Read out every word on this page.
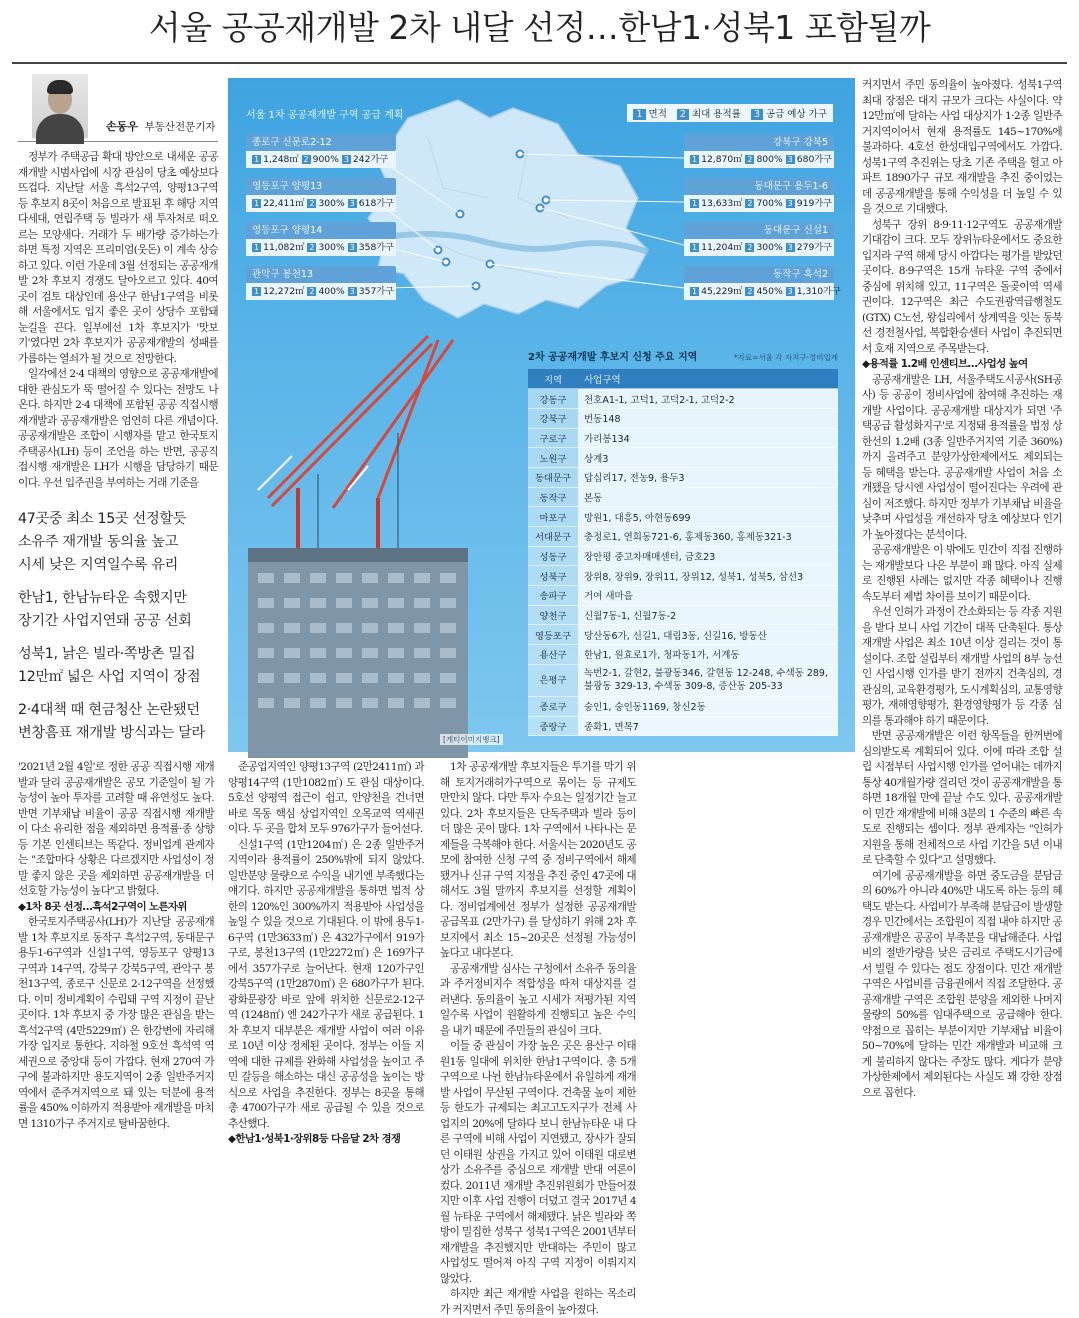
서울 공공재개발 2차 내달 선정…한남1·성북1 포함될까
손동우 부동산전문기자

정부가 주택공급 확대 방안으로 내세운 공공재개발 시범사업에 시장 관심이 당초 예상보다 뜨겁다. 지난달 서울 흑석2구역, 양평13구역 등 후보지 8곳이 처음으로 발표된 후 해당 지역 다세대, 연립주택 등 빌라가 새 투자처로 떠오르는 모양새다. 거래가 두 배가량 증가하는가 하면 특정 지역은 프리미엄(웃돈) 이 계속 상승하고 있다. 이런 가운데 3월 선정되는 공공재개발 2차 후보지 경쟁도 달아오르고 있다. 40여 곳이 검토 대상인데 용산구 한남1구역을 비롯해 서울에서도 입지 좋은 곳이 상당수 포함돼 눈길을 끈다. 일부에선 1차 후보지가 '맛보기'였다면 2차 후보지가 공공재개발의 성패를 가름하는 열쇠가 될 것으로 전망한다.

일각에선 2·4 대책의 영향으로 공공재개발에 대한 관심도가 뚝 떨어질 수 있다는 전망도 나온다. 하지만 2·4 대책에 포함된 공공 직접시행 재개발과 공공재개발은 엄연히 다른 개념이다. 공공재개발은 조합이 시행자를 맡고 한국토지주택공사(LH) 등이 조언을 하는 반면, 공공직접시행 재개발은 LH가 시행을 담당하기 때문이다. 우선 입주권을 부여하는 거래 기준을

47곳중 최소 15곳 선정할듯
소유주 재개발 동의율 높고
시세 낮은 지역일수록 유리
한남1, 한남뉴타운 속했지만
장기간 사업지연돼 공공 선회
성북1, 낡은 빌라·쪽방촌 밀집
12만㎡ 넓은 사업 지역이 장점
2·4대책 때 현금청산 논란됐던
변창흠표 재개발 방식과는 달라
서울 1차 공공재개발 구역 공급 계획	1 면적	2 최대 용적률	3 공급 예상 가구
종로구 신문로2-12
1 1,248㎡ 2 900% 3 242가구
영등포구 양평13
1 22,411㎡ 2 300% 3 618가구
영등포구 양평14
1 11,082㎡ 2 300% 3 358가구
관악구 봉천13
1 12,272㎡ 2 400% 3 357가구
강북구 강북5
1 12,870㎡ 2 800% 3 680가구
동대문구 용두1-6
1 13,633㎡ 2 700% 3 919가구
동대문구 신설1
1 11,204㎡ 2 300% 3 279가구
동작구 흑석2
1 45,229㎡ 2 450% 3 1,310가구
2차 공공재개발 후보지 신청 주요 지역	*자료=서울 각 자치구·정비업계
지역	사업구역
강동구	천호A1-1, 고덕1, 고덕2-1, 고덕2-2
강북구	번동148
구로구	가리봉134
노원구	상계3
동대문구	답십리17, 전농9, 용두3
동작구	본동
마포구	망원1, 대흥5, 아현동699
서대문구	충정로1, 연희동721-6, 홍제동360, 홍제동321-3
성동구	장안평 중고차매매센터, 금호23
성북구	장위8, 장위9, 장위11, 장위12, 성북1, 성북5, 삼선3
송파구	거여 새마을
양천구	신월7동-1, 신월7동-2
영등포구	당산동6가, 신길1, 대림3동, 신길16, 방동산
용산구	한남1, 원효로1가, 청파동1가, 서계동
은평구	녹번2-1, 갈현2, 불광동346, 갈현동 12-248, 수색동 289, 불광동 329-13, 수색동 309-8, 증산동 205-33
종로구	숭인1, 숭인동1169, 창신2동
중랑구	중화1, 면목7
[게티이미지뱅크]

'2021년 2월 4일'로 정한 공공 직접시행 재개발과 달리 공공재개발은 공모 기준일이 될 가능성이 높아 투자를 고려할 때 유연성도 높다. 반면 기부채납 비율이 공공 직접시행 재개발이 다소 유리한 점을 제외하면 용적률·종 상향 등 기본 인센티브는 똑같다. 정비업계 관계자는 "조합마다 상황은 다르겠지만 사업성이 정말 좋지 않은 곳을 제외하면 공공재개발을 더 선호할 가능성이 높다"고 밝혔다.

◆1차 8곳 선정…흑석2구역이 노른자위

한국토지주택공사(LH)가 지난달 공공재개발 1차 후보지로 동작구 흑석2구역, 동대문구 용두1-6구역과 신설1구역, 영등포구 양평13구역과 14구역, 강북구 강북5구역, 관악구 봉천13구역, 종로구 신문로 2-12구역을 선정했다. 이미 정비계획이 수립돼 구역 지정이 끝난 곳이다. 1차 후보지 중 가장 많은 관심을 받는 흑석2구역 (4만5229㎡) 은 한강변에 자리해 가장 입지로 통한다. 지하철 9호선 흑석역 역세권으로 중앙대 등이 가깝다. 현재 270여 가구에 불과하지만 용도지역이 2종 일반주거지역에서 준주거지역으로 돼 있는 덕분에 용적률을 450% 이하까지 적용받아 재개발을 마치면 1310가구 주거지로 탈바꿈한다.

준공업지역인 양평13구역 (2만2411㎡) 과 양평14구역 (1만1082㎡) 도 관심 대상이다. 5호선 양평역 접근이 쉽고, 안양천을 건너면 바로 목동 핵심 상업지역인 오목교역 역세권이다. 두 곳을 합쳐 모두 976가구가 들어선다.

신설1구역 (1만1204㎡) 은 2종 일반주거지역이라 용적률이 250%밖에 되지 않았다. 일반분양 물량으로 수익을 내기엔 부족했다는 얘기다. 하지만 공공재개발을 통하면 법적 상한의 120%인 300%까지 적용받아 사업성을 높일 수 있을 것으로 기대된다. 이 밖에 용두1-6구역 (1만3633㎡) 은 432가구에서 919가구로, 봉천13구역 (1만2272㎡) 은 169가구에서 357가구로 늘어난다. 현재 120가구인 강북5구역 (1만2870㎡) 은 680가구가 된다. 광화문광장 바로 앞에 위치한 신문로2-12구역 (1248㎡) 엔 242가구가 새로 공급된다. 1차 후보지 대부분은 재개발 사업이 여러 이유로 10년 이상 정체된 곳이다. 정부는 이들 지역에 대한 규제를 완화해 사업성을 높이고 주민 갈등을 해소하는 대신 공공성을 높이는 방식으로 사업을 추진한다. 정부는 8곳을 통해 총 4700가구가 새로 공급될 수 있을 것으로 추산했다.

◆한남1·성북1·장위8등 다음달 2차 경쟁

1차 공공재개발 후보지들은 투기를 막기 위해 토지거래허가구역으로 묶이는 등 규제도 만만치 않다. 다만 투자 수요는 일정기간 늘고 있다. 2차 후보지들은 단독주택과 빌라 등이 더 많은 곳이 많다. 1차 구역에서 나타나는 문제들을 극복해야 한다. 서울시는 2020년도 공모에 참여한 신청 구역 중 정비구역에서 해제됐거나 신규 구역 지정을 추진 중인 47곳에 대해서도 3월 말까지 후보지를 선정할 계획이다. 정비업계에선 정부가 설정한 공공재개발 공급목표 (2만가구) 를 달성하기 위해 2차 후보지에서 최소 15~20곳은 선정될 가능성이 높다고 내다본다.

공공재개발 심사는 구청에서 소유주 동의율과 주거정비지수 적합성을 따져 대상지를 걸러낸다. 동의율이 높고 시세가 저평가된 지역일수록 사업이 원활하게 진행되고 높은 수익을 내기 때문에 주민들의 관심이 크다.

이들 중 관심이 가장 높은 곳은 용산구 이태원1동 일대에 위치한 한남1구역이다. 총 5개 구역으로 나뉜 한남뉴타운에서 유일하게 재개발 사업이 무산된 구역이다. 건축물 높이 제한 등 한도가 규제되는 최고고도지구가 전체 사업지의 20%에 달하다 보니 한남뉴타운 내 다른 구역에 비해 사업이 지연됐고, 장사가 잘되던 이태원 상권을 가지고 있어 이태원 대로변 상가 소유주를 중심으로 재개발 반대 여론이 컸다. 2011년 재개발 추진위원회가 만들어졌지만 이후 사업 진행이 더뎠고 결국 2017년 4월 뉴타운 구역에서 해제됐다. 낡은 빌라와 쪽방이 밀집한 성북구 성북1구역은 2001년부터 재개발을 추진했지만 반대하는 주민이 많고 사업성도 떨어져 아직 구역 지정이 이뤄지지 않았다.

하지만 최근 재개발 사업을 원하는 목소리가 커지면서 주민 동의율이 높아졌다.

커지면서 주민 동의율이 높아졌다. 성북1구역 최대 장점은 대지 규모가 크다는 사실이다. 약 12만㎡에 달하는 사업 대상지가 1·2종 일반주거지역이어서 현재 용적률도 145~170%에 불과하다. 4호선 한성대입구역에서도 가깝다. 성북1구역 추진위는 당초 기존 주택을 헐고 아파트 1890가구 규모 재개발을 추진 중이었는데 공공재개발을 통해 수익성을 더 높일 수 있을 것으로 기대했다.

성북구 장위 8·9·11·12구역도 공공재개발 기대감이 크다. 모두 장위뉴타운에서도 중요한 입지라 구역 해제 당시 아깝다는 평가를 받았던 곳이다. 8·9구역은 15개 뉴타운 구역 중에서 중심에 위치해 있고, 11구역은 돌곶이역 역세권이다. 12구역은 최근 수도권광역급행철도 (GTX) C노선, 왕십리에서 상계역을 잇는 동북선 경전철사업, 복합환승센터 사업이 추진되면서 호재 지역으로 주목받는다.

◆용적률 1.2배 인센티브…사업성 높여

공공재개발은 LH, 서울주택도시공사(SH공사) 등 공공이 정비사업에 참여해 추진하는 재개발 사업이다. 공공재개발 대상지가 되면 '주택공급 활성화지구'로 지정돼 용적률을 법정 상한선의 1.2배 (3종 일반주거지역 기준 360%) 까지 올려주고 분양가상한제에서도 제외되는 등 혜택을 받는다. 공공재개발 사업이 처음 소개됐을 당시엔 사업성이 떨어진다는 우려에 관심이 저조했다. 하지만 정부가 기부채납 비율을 낮추며 사업성을 개선하자 당초 예상보다 인기가 높아졌다는 분석이다.

공공재개발은 이 밖에도 민간이 직접 진행하는 재개발보다 나은 부분이 꽤 많다. 아직 실제로 진행된 사례는 없지만 각종 혜택이나 진행 속도부터 제법 차이를 보이기 때문이다.

우선 인허가 과정이 간소화되는 등 각종 지원을 받다 보니 사업 기간이 대폭 단축된다. 통상 재개발 사업은 최소 10년 이상 걸리는 것이 통설이다. 조합 설립부터 재개발 사업의 8부 능선인 사업시행 인가를 받기 전까지 건축심의, 경관심의, 교육환경평가, 도시계획심의, 교통영향평가, 재해영향평가, 환경영향평가 등 각종 심의를 통과해야 하기 때문이다.

반면 공공재개발은 이런 항목들을 한꺼번에 심의받도록 계획되어 있다. 이에 따라 조합 설립 시점부터 사업시행 인가를 얻어내는 데까지 통상 40개월가량 걸리던 것이 공공재개발을 통하면 18개월 만에 끝날 수도 있다. 공공재개발이 민간 재개발에 비해 3분의 1 수준의 빠른 속도로 진행되는 셈이다. 정부 관계자는 "인허가 지원을 통해 전체적으로 사업 기간을 5년 이내로 단축할 수 있다"고 설명했다.

여기에 공공재개발을 하면 중도금을 분담금의 60%가 아니라 40%만 내도록 하는 등의 혜택도 받는다. 사업비가 부족해 분담금이 발생할 경우 민간에서는 조합원이 직접 내야 하지만 공공재개발은 공공이 부족분을 대납해준다. 사업비의 절반가량을 낮은 금리로 주택도시기금에서 빌릴 수 있다는 점도 장점이다. 민간 재개발 구역은 사업비를 금융권에서 직접 조달한다. 공공재개발 구역은 조합원 분양을 제외한 나머지 물량의 50%를 임대주택으로 공급해야 한다. 약점으로 꼽히는 부분이지만 기부채납 비율이 50~70%에 달하는 민간 재개발과 비교해 크게 불리하지 않다는 주장도 많다. 게다가 분양가상한제에서 제외된다는 사실도 꽤 강한 장점으로 꼽힌다.
